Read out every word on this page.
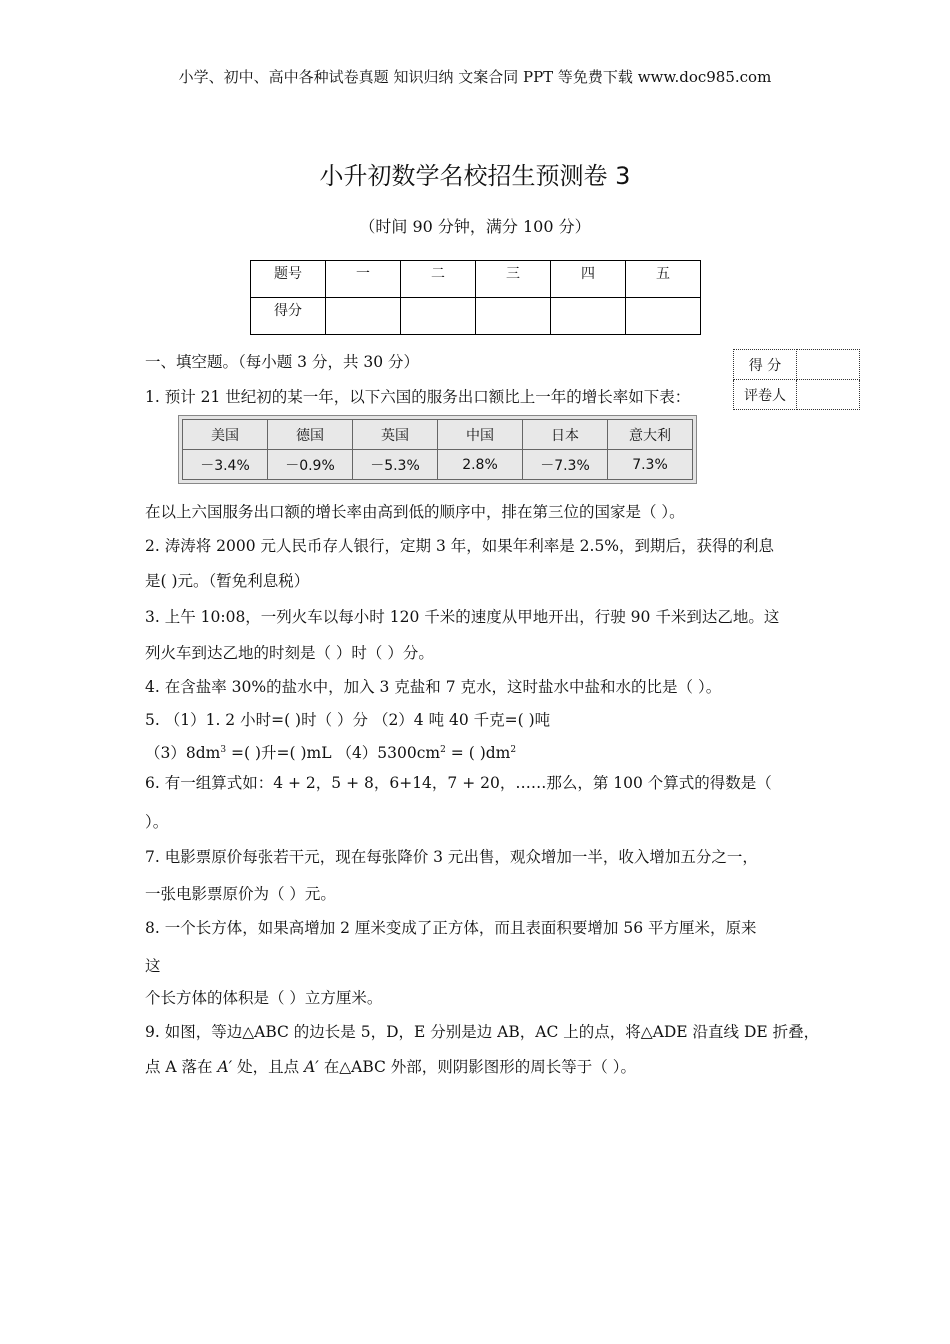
小学、初中、高中各种试卷真题 知识归纳 文案合同 PPT 等免费下载 www.doc985.com
小升初数学名校招生预测卷 3
（时间 90 分钟，满分 100 分）
题号	一	二	三	四	五
得分					
得 分	
评卷人	
一、填空题。（每小题 3 分，共 30 分）
1. 预计 21 世纪初的某一年，以下六国的服务出口额比上一年的增长率如下表：
美国	德国	英国	中国	日本	意大利
－3.4%	－0.9%	－5.3%	2.8%	－7.3%	7.3%
在以上六国服务出口额的增长率由高到低的顺序中，排在第三位的国家是（ ）。
2. 涛涛将 2000 元人民币存人银行，定期 3 年，如果年利率是 2.5%，到期后，获得的利息
是( )元。（暂免利息税）
3. 上午 10:08，一列火车以每小时 120 千米的速度从甲地开出，行驶 90 千米到达乙地。这
列火车到达乙地的时刻是（ ）时（ ）分。
4. 在含盐率 30%的盐水中，加入 3 克盐和 7 克水，这时盐水中盐和水的比是（ ）。
5. （1）1. 2 小时=( )时（ ）分 （2）4 吨 40 千克=( )吨
$(3)8dm^3$ =( )升=( )mL $(4)5300cm^2$ = ( )$dm^2$
6. 有一组算式如：4 + 2，5 + 8，6+14，7 + 20，……那么，第 100 个算式的得数是（
）。
7. 电影票原价每张若干元，现在每张降价 3 元出售，观众增加一半，收入增加五分之一，
一张电影票原价为（ ）元。
8. 一个长方体，如果高增加 2 厘米变成了正方体，而且表面积要增加 56 平方厘米，原来
这
个长方体的体积是（ ）立方厘米。
9. 如图，等边△ABC 的边长是 5，D，E 分别是边 AB，AC 上的点，将△ADE 沿直线 DE 折叠，
点 A 落在 A′ 处，且点 A′ 在△ABC 外部，则阴影图形的周长等于（ ）。
